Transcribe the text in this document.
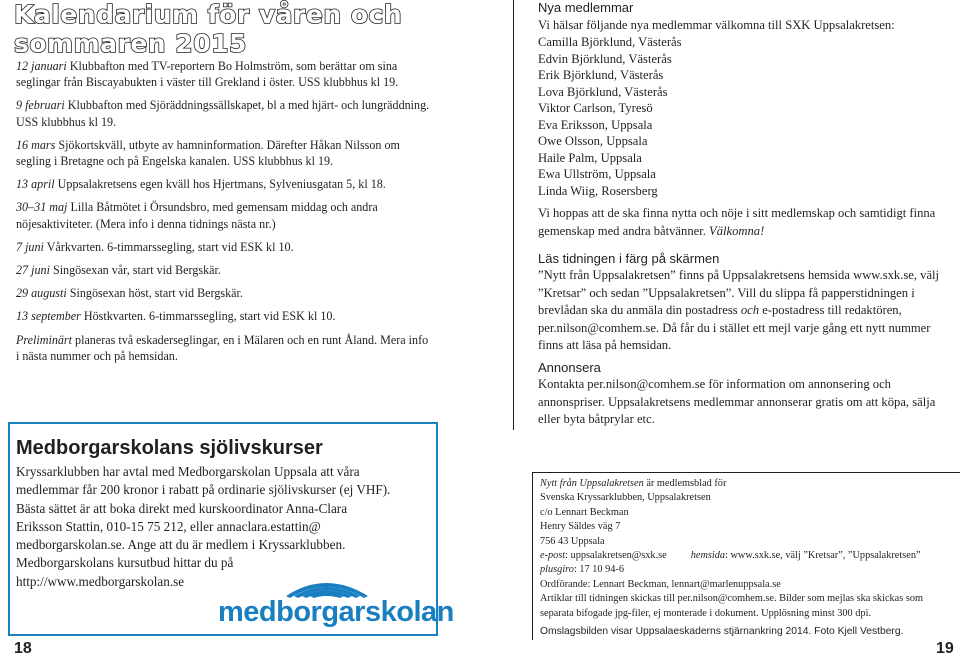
Kalendarium för våren och
sommaren 2015

12 januari Klubbafton med TV-reportern Bo Holmström, som berättar om sina seglingar från Biscayabukten i väster till Grekland i öster. USS klubbhus kl 19.

9 februari Klubbafton med Sjöräddningssällskapet, bl a med hjärt- och lungräddning. USS klubbhus kl 19.

16 mars Sjökortskväll, utbyte av hamninformation. Därefter Håkan Nilsson om segling i Bretagne och på Engelska kanalen. USS klubbhus kl 19.

13 april Uppsalakretsens egen kväll hos Hjertmans, Sylveniusgatan 5, kl 18.

30–31 maj Lilla Båtmötet i Örsundsbro, med gemensam middag och andra nöjesaktiviteter. (Mera info i denna tidnings nästa nr.)

7 juni Vårkvarten. 6-timmarssegling, start vid ESK kl 10.

27 juni Singösexan vår, start vid Bergskär.

29 augusti Singösexan höst, start vid Bergskär.

13 september Höstkvarten. 6-timmarssegling, start vid ESK kl 10.

Preliminärt planeras två eskaderseglingar, en i Mälaren och en runt Åland. Mera info i nästa nummer och på hemsidan.

Medborgarskolans sjölivskurser
Kryssarklubben har avtal med Medborgarskolan Uppsala att våra medlemmar får 200 kronor i rabatt på ordinarie sjölivskurser (ej VHF). Bästa sättet är att boka direkt med kurskoordinator Anna-Clara Eriksson Stattin, 010-15 75 212, eller annaclara.estattin@ medborgarskolan.se. Ange att du är medlem i Kryssarklubben. Medborgarskolans kursutbud hittar du på http://www.medborgarskolan.se
medborgarskolan
18
Nya medlemmar
Vi hälsar följande nya medlemmar välkomna till SXK Uppsalakretsen:
Camilla Björklund, Västerås
Edvin Björklund, Västerås
Erik Björklund, Västerås
Lova Björklund, Västerås
Viktor Carlson, Tyresö
Eva Eriksson, Uppsala
Owe Olsson, Uppsala
Haile Palm, Uppsala
Ewa Ullström, Uppsala
Linda Wiig, Rosersberg

Vi hoppas att de ska finna nytta och nöje i sitt medlemskap och samtidigt finna gemenskap med andra båtvänner. Välkomna!

Läs tidningen i färg på skärmen

”Nytt från Uppsalakretsen” finns på Uppsalakretsens hemsida www.sxk.se, välj ”Kretsar” och sedan ”Uppsalakretsen”. Vill du slippa få papperstidningen i brevlådan ska du anmäla din postadress och e-postadress till redaktören, per.nilson@comhem.se. Då får du i stället ett mejl varje gång ett nytt nummer finns att läsa på hemsidan.

Annonsera

Kontakta per.nilson@comhem.se för information om annonsering och annonspriser. Uppsalakretsens medlemmar annonserar gratis om att köpa, sälja eller byta båtprylar etc.

Nytt från Uppsalakretsen är medlemsblad för
Svenska Kryssarklubben, Uppsalakretsen
c/o Lennart Beckman
Henry Säldes väg 7
756 43 Uppsala
e-post: uppsalakretsen@sxk.se hemsida: www.sxk.se, välj ”Kretsar”, ”Uppsalakretsen”
plusgiro: 17 10 94-6
Ordförande: Lennart Beckman, lennart@marlenuppsala.se
Artiklar till tidningen skickas till per.nilson@comhem.se. Bilder som mejlas ska skickas som separata bifogade jpg-filer, ej monterade i dokument. Upplösning minst 300 dpi.
Omslagsbilden visar Uppsalaeskaderns stjärnankring 2014. Foto Kjell Vestberg.
19
